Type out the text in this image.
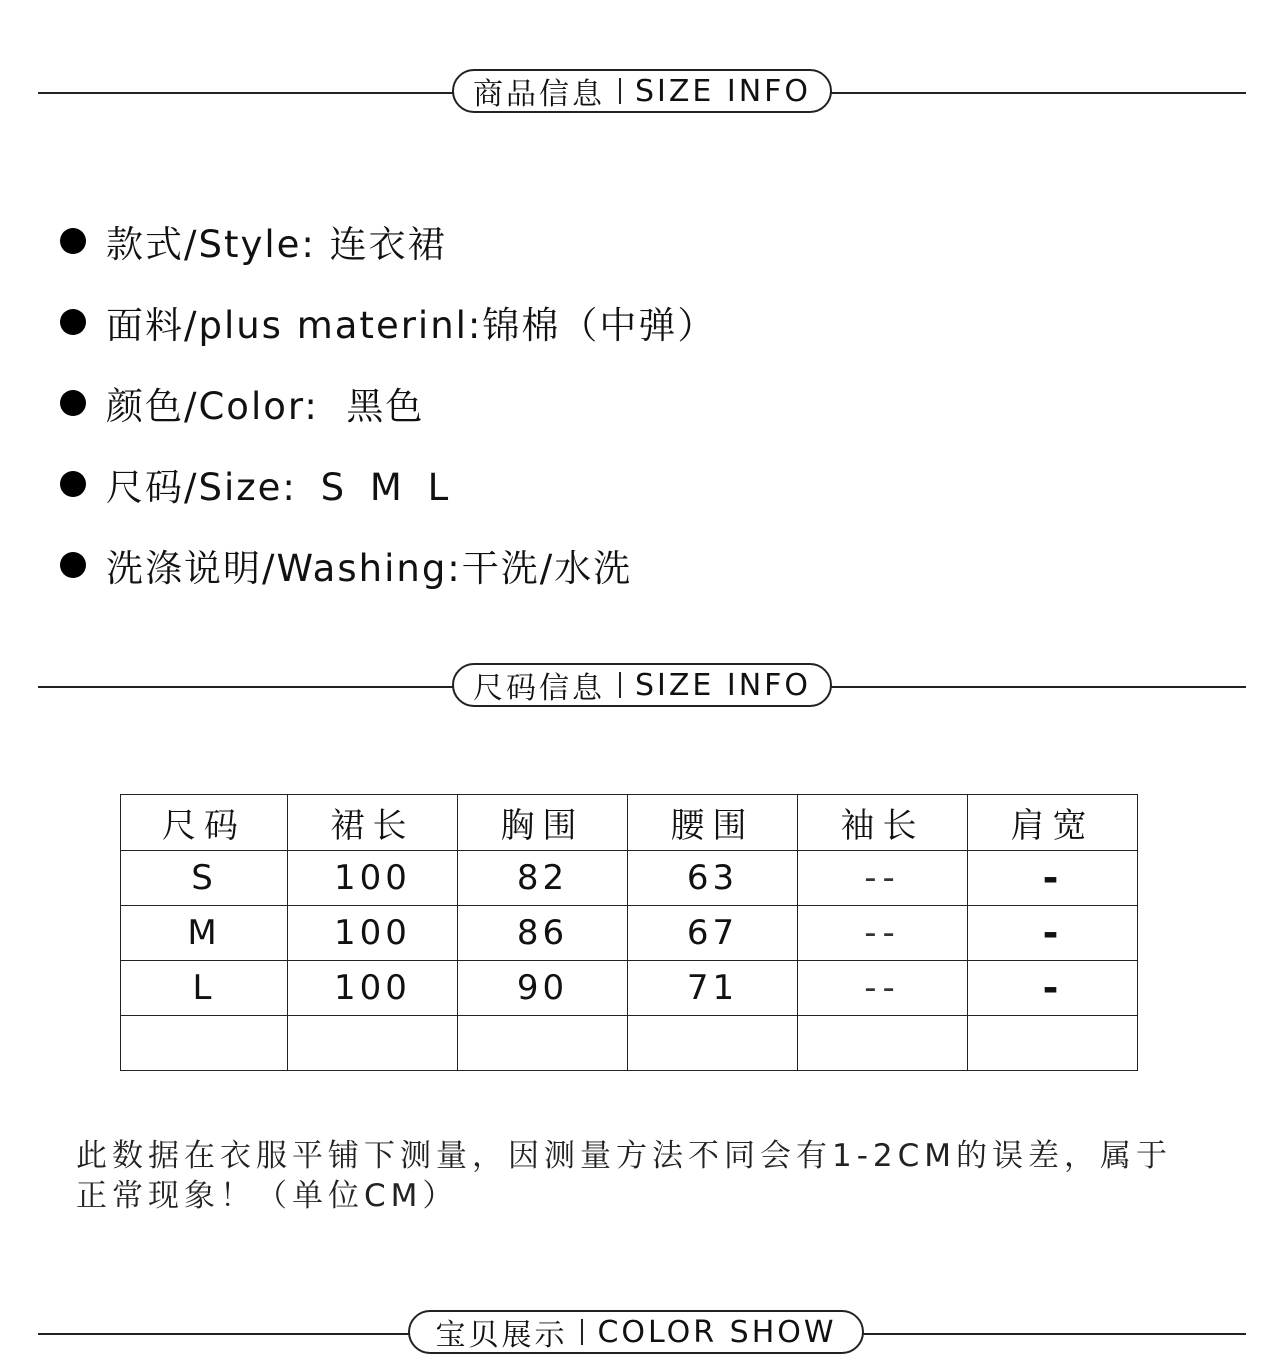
商品信息 SIZE INFO
款式/Style: 连衣裙
面料/plus materinl:锦棉（中弹）
颜色/Color:  黑色
尺码/Size: S M L
洗涤说明/Washing:干洗/水洗
尺码信息 SIZE INFO
尺码	裙长	胸围	腰围	袖长	肩宽
S	100	82	63	--	-
M	100	86	67	--	-
L	100	90	71	--	-

此数据在衣服平铺下测量，因测量方法不同会有1-2CM的误差，属于正常现象！（单位CM）
宝贝展示 COLOR SHOW
